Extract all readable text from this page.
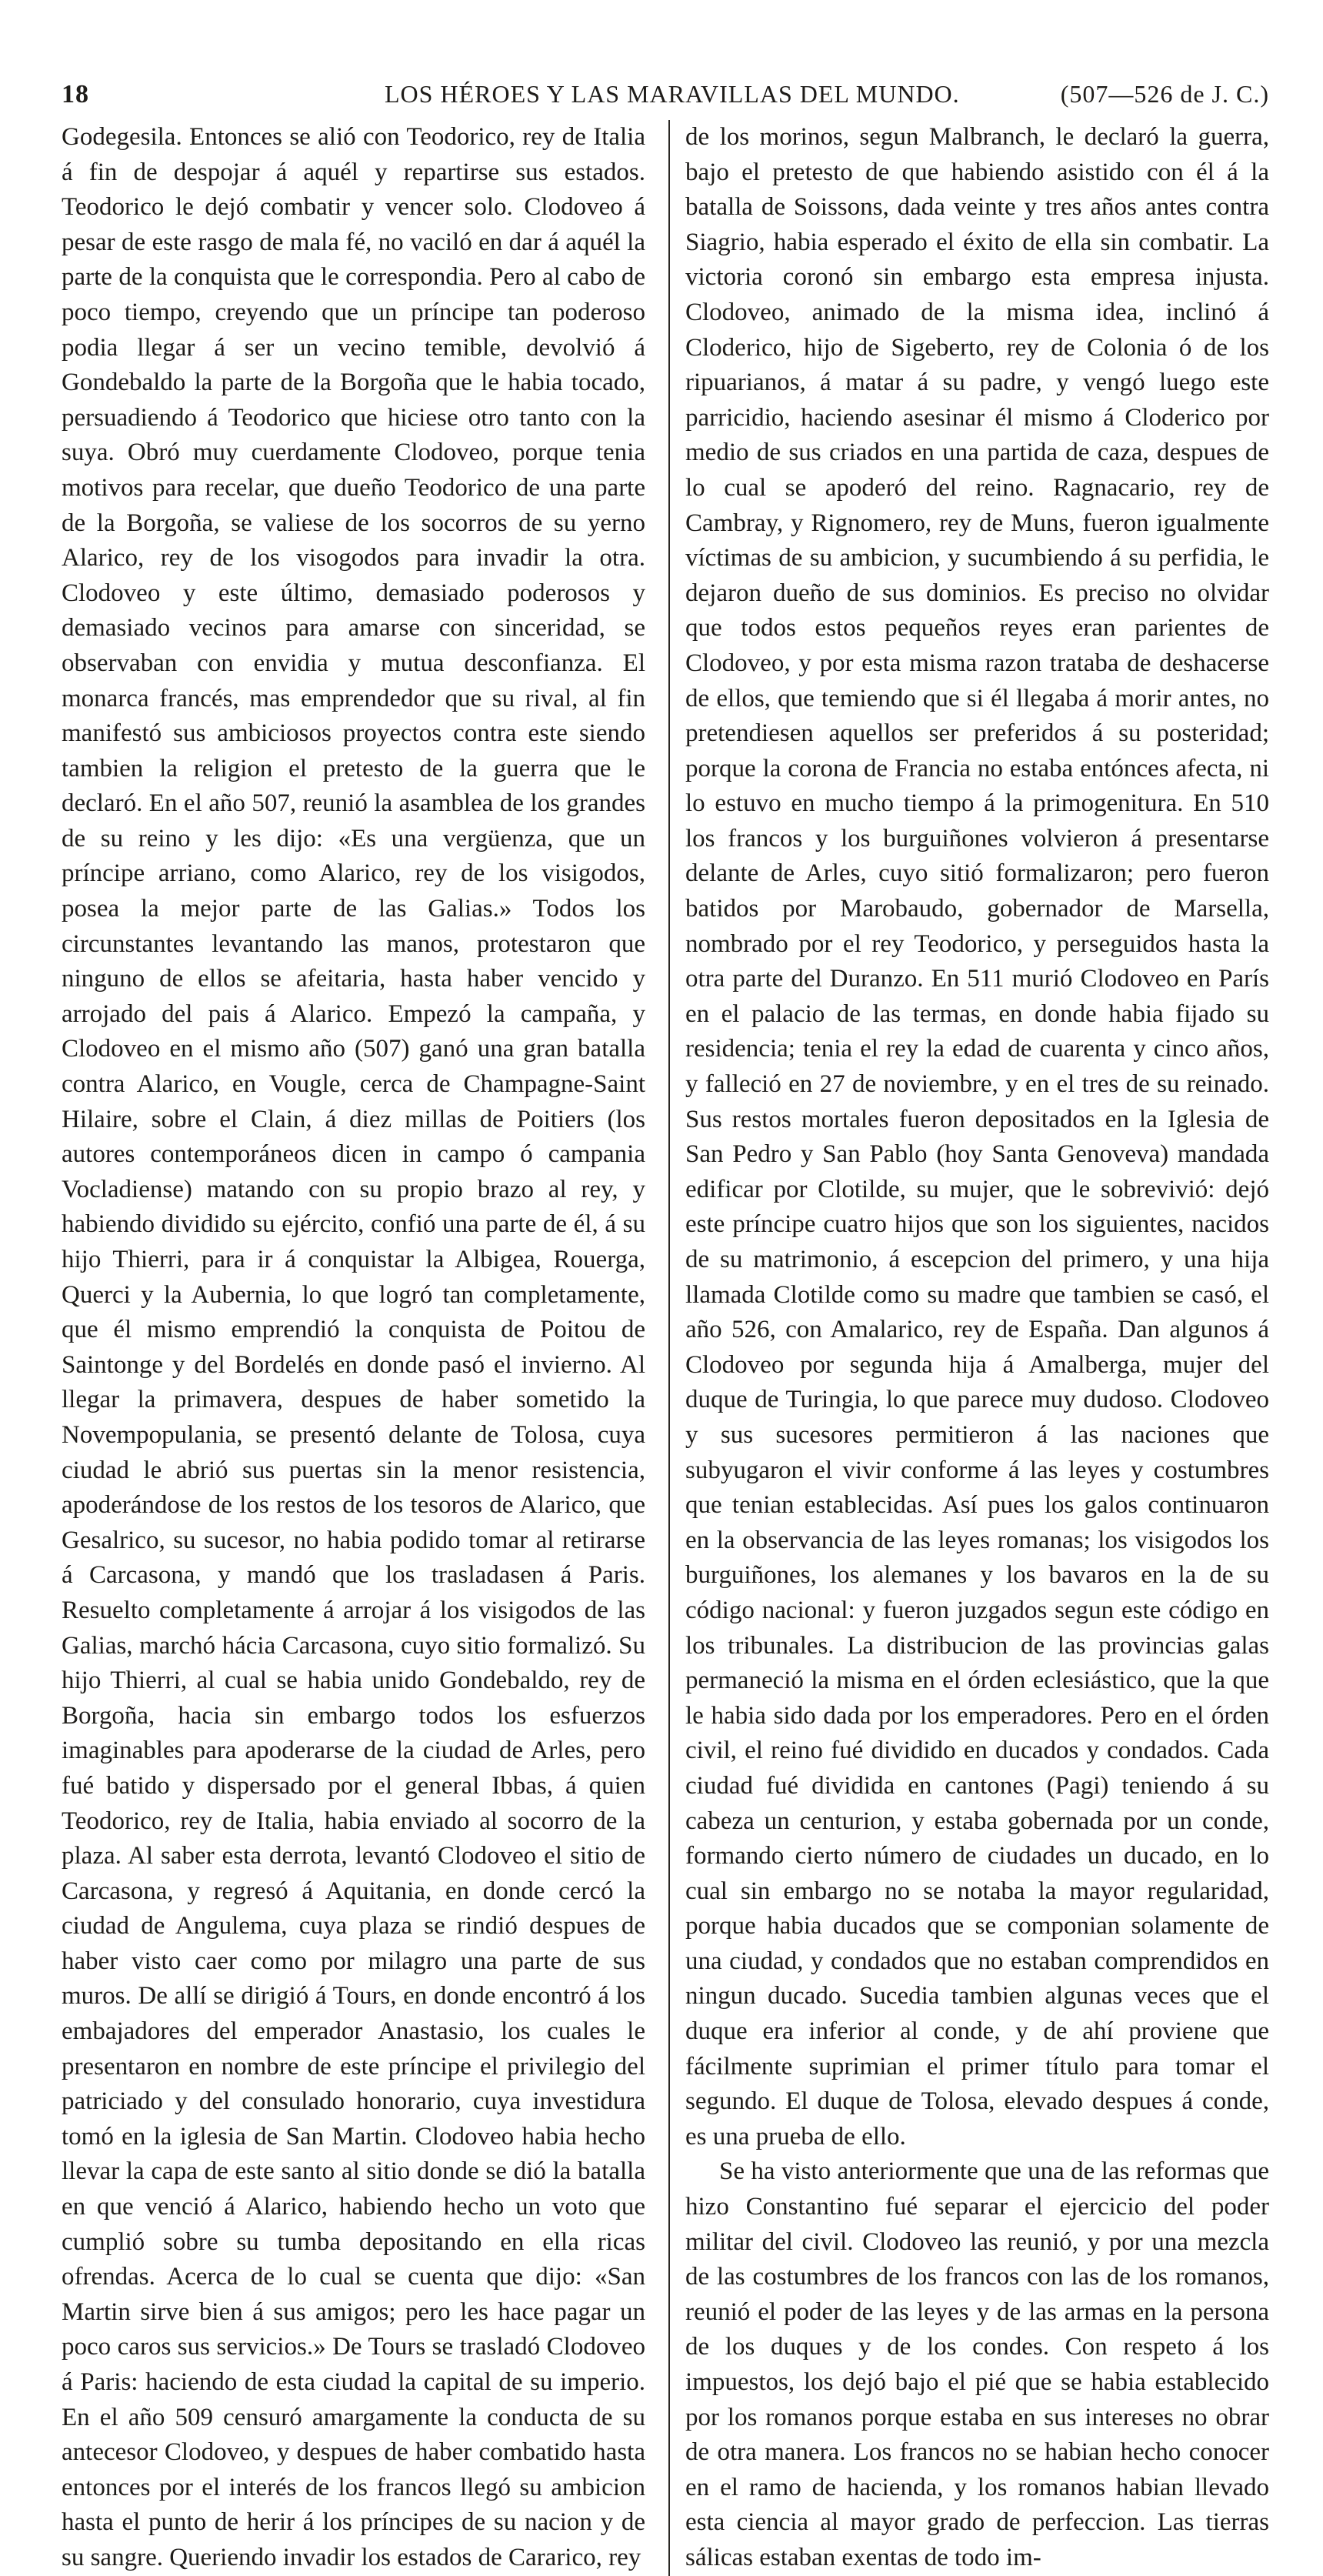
18	LOS HÉROES Y LAS MARAVILLAS DEL MUNDO.	(507—526 de J. C.)

Godegesila. Entonces se alió con Teodorico, rey de Italia á fin de despojar á aquél y repartirse sus estados. Teodorico le dejó combatir y vencer solo. Clodoveo á pesar de este rasgo de mala fé, no vaciló en dar á aquél la parte de la conquista que le correspondia. Pero al cabo de poco tiempo, creyendo que un príncipe tan poderoso podia llegar á ser un vecino temible, devolvió á Gondebaldo la parte de la Borgoña que le habia tocado, persuadiendo á Teodorico que hiciese otro tanto con la suya. Obró muy cuerdamente Clodoveo, porque tenia motivos para recelar, que dueño Teodorico de una parte de la Borgoña, se valiese de los socorros de su yerno Alarico, rey de los visogodos para invadir la otra. Clodoveo y este último, demasiado poderosos y demasiado vecinos para amarse con sinceridad, se observaban con envidia y mutua desconfianza. El monarca francés, mas emprendedor que su rival, al fin manifestó sus ambiciosos proyectos contra este siendo tambien la religion el pretesto de la guerra que le declaró. En el año 507, reunió la asamblea de los grandes de su reino y les dijo: «Es una vergüenza, que un príncipe arriano, como Alarico, rey de los visigodos, posea la mejor parte de las Galias.» Todos los circunstantes levantando las manos, protestaron que ninguno de ellos se afeitaria, hasta haber vencido y arrojado del pais á Alarico. Empezó la campaña, y Clodoveo en el mismo año (507) ganó una gran batalla contra Alarico, en Vougle, cerca de Champagne-Saint Hilaire, sobre el Clain, á diez millas de Poitiers (los autores contemporáneos dicen in campo ó campania Vocladiense) matando con su propio brazo al rey, y habiendo dividido su ejército, confió una parte de él, á su hijo Thierri, para ir á conquistar la Albigea, Rouerga, Querci y la Aubernia, lo que logró tan completamente, que él mismo emprendió la conquista de Poitou de Saintonge y del Bordelés en donde pasó el invierno. Al llegar la primavera, despues de haber sometido la Novempopulania, se presentó delante de Tolosa, cuya ciudad le abrió sus puertas sin la menor resistencia, apoderándose de los restos de los tesoros de Alarico, que Gesalrico, su sucesor, no habia podido tomar al retirarse á Carcasona, y mandó que los trasladasen á Paris. Resuelto completamente á arrojar á los visigodos de las Galias, marchó hácia Carcasona, cuyo sitio formalizó. Su hijo Thierri, al cual se habia unido Gondebaldo, rey de Borgoña, hacia sin embargo todos los esfuerzos imaginables para apoderarse de la ciudad de Arles, pero fué batido y dispersado por el general Ibbas, á quien Teodorico, rey de Italia, habia enviado al socorro de la plaza. Al saber esta derrota, levantó Clodoveo el sitio de Carcasona, y regresó á Aquitania, en donde cercó la ciudad de Angulema, cuya plaza se rindió despues de haber visto caer como por milagro una parte de sus muros. De allí se dirigió á Tours, en donde encontró á los embajadores del emperador Anastasio, los cuales le presentaron en nombre de este príncipe el privilegio del patriciado y del consulado honorario, cuya investidura tomó en la iglesia de San Martin. Clodoveo habia hecho llevar la capa de este santo al sitio donde se dió la batalla en que venció á Alarico, habiendo hecho un voto que cumplió sobre su tumba depositando en ella ricas ofrendas. Acerca de lo cual se cuenta que dijo: «San Martin sirve bien á sus amigos; pero les hace pagar un poco caros sus servicios.» De Tours se trasladó Clodoveo á Paris: haciendo de esta ciudad la capital de su imperio. En el año 509 censuró amargamente la conducta de su antecesor Clodoveo, y despues de haber combatido hasta entonces por el interés de los francos llegó su ambicion hasta el punto de herir á los príncipes de su nacion y de su sangre. Queriendo invadir los estados de Cararico, rey

de los morinos, segun Malbranch, le declaró la guerra, bajo el pretesto de que habiendo asistido con él á la batalla de Soissons, dada veinte y tres años antes contra Siagrio, habia esperado el éxito de ella sin combatir. La victoria coronó sin embargo esta empresa injusta. Clodoveo, animado de la misma idea, inclinó á Cloderico, hijo de Sigeberto, rey de Colonia ó de los ripuarianos, á matar á su padre, y vengó luego este parricidio, haciendo asesinar él mismo á Cloderico por medio de sus criados en una partida de caza, despues de lo cual se apoderó del reino. Ragnacario, rey de Cambray, y Rignomero, rey de Muns, fueron igualmente víctimas de su ambicion, y sucumbiendo á su perfidia, le dejaron dueño de sus dominios. Es preciso no olvidar que todos estos pequeños reyes eran parientes de Clodoveo, y por esta misma razon trataba de deshacerse de ellos, que temiendo que si él llegaba á morir antes, no pretendiesen aquellos ser preferidos á su posteridad; porque la corona de Francia no estaba entónces afecta, ni lo estuvo en mucho tiempo á la primogenitura. En 510 los francos y los burguiñones volvieron á presentarse delante de Arles, cuyo sitió formalizaron; pero fueron batidos por Marobaudo, gobernador de Marsella, nombrado por el rey Teodorico, y perseguidos hasta la otra parte del Duranzo. En 511 murió Clodoveo en París en el palacio de las termas, en donde habia fijado su residencia; tenia el rey la edad de cuarenta y cinco años, y falleció en 27 de noviembre, y en el tres de su reinado. Sus restos mortales fueron depositados en la Iglesia de San Pedro y San Pablo (hoy Santa Genoveva) mandada edificar por Clotilde, su mujer, que le sobrevivió: dejó este príncipe cuatro hijos que son los siguientes, nacidos de su matrimonio, á escepcion del primero, y una hija llamada Clotilde como su madre que tambien se casó, el año 526, con Amalarico, rey de España. Dan algunos á Clodoveo por segunda hija á Amalberga, mujer del duque de Turingia, lo que parece muy dudoso. Clodoveo y sus sucesores permitieron á las naciones que subyugaron el vivir conforme á las leyes y costumbres que tenian establecidas. Así pues los galos continuaron en la observancia de las leyes romanas; los visigodos los burguiñones, los alemanes y los bavaros en la de su código nacional: y fueron juzgados segun este código en los tribunales. La distribucion de las provincias galas permaneció la misma en el órden eclesiástico, que la que le habia sido dada por los emperadores. Pero en el órden civil, el reino fué dividido en ducados y condados. Cada ciudad fué dividida en cantones (Pagi) teniendo á su cabeza un centurion, y estaba gobernada por un conde, formando cierto número de ciudades un ducado, en lo cual sin embargo no se notaba la mayor regularidad, porque habia ducados que se componian solamente de una ciudad, y condados que no estaban comprendidos en ningun ducado. Sucedia tambien algunas veces que el duque era inferior al conde, y de ahí proviene que fácilmente suprimian el primer título para tomar el segundo. El duque de Tolosa, elevado despues á conde, es una prueba de ello.

Se ha visto anteriormente que una de las reformas que hizo Constantino fué separar el ejercicio del poder militar del civil. Clodoveo las reunió, y por una mezcla de las costumbres de los francos con las de los romanos, reunió el poder de las leyes y de las armas en la persona de los duques y de los condes. Con respeto á los impuestos, los dejó bajo el pié que se habia establecido por los romanos porque estaba en sus intereses no obrar de otra manera. Los francos no se habian hecho conocer en el ramo de hacienda, y los romanos habian llevado esta ciencia al mayor grado de perfeccion. Las tierras sálicas estaban exentas de todo im-
